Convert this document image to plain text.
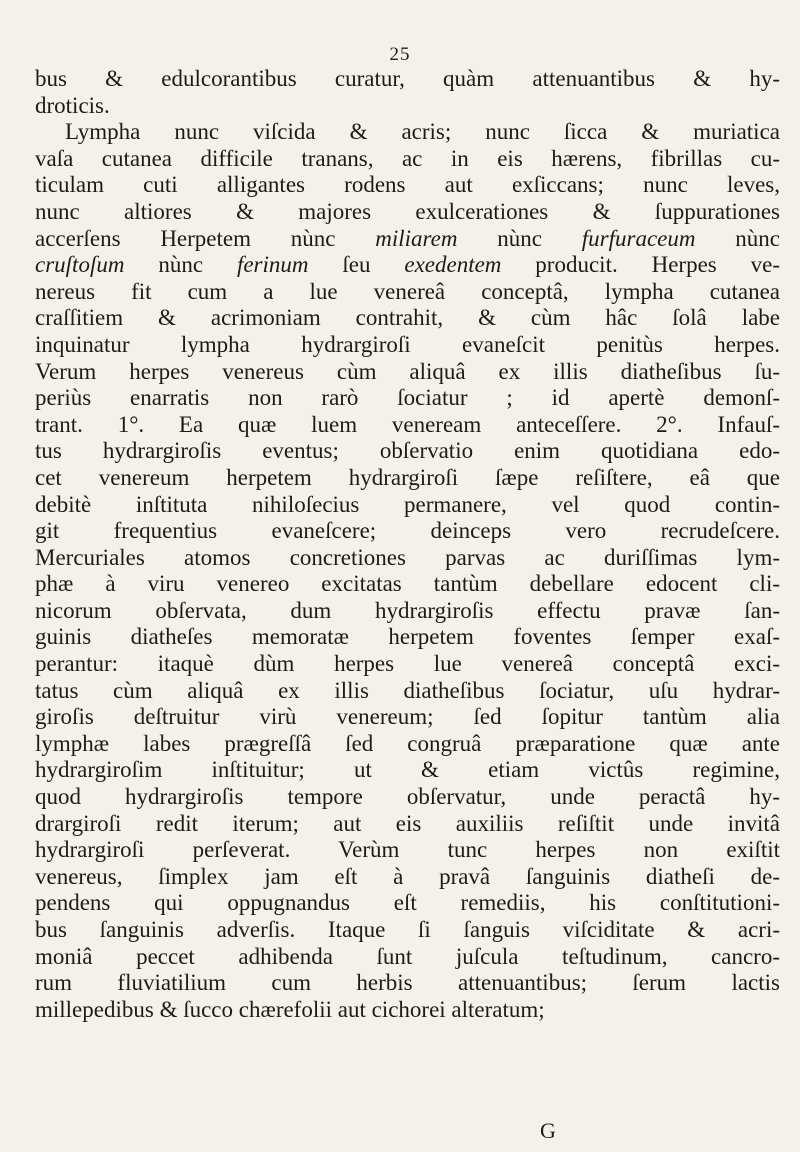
25
bus & edulcorantibus curatur, quàm attenuantibus & hy-
droticis.
Lympha nunc viſcida & acris; nunc ſicca & muriatica
vaſa cutanea difficile tranans, ac in eis hærens, fibrillas cu-
ticulam cuti alligantes rodens aut exſiccans; nunc leves,
nunc altiores & majores exulcerationes & ſuppurationes
accerſens Herpetem nùnc miliarem nùnc furfuraceum nùnc
cruſtoſum nùnc ferinum ſeu exedentem producit. Herpes ve-
nereus fit cum a lue venereâ conceptâ, lympha cutanea
craſſitiem & acrimoniam contrahit, & cùm hâc ſolâ labe
inquinatur lympha hydrargiroſi evaneſcit penitùs herpes.
Verum herpes venereus cùm aliquâ ex illis diatheſibus ſu-
periùs enarratis non rarò ſociatur ; id apertè demonſ-
trant. 1°. Ea quæ luem veneream anteceſſere. 2°. Infauſ-
tus hydrargiroſis eventus; obſervatio enim quotidiana edo-
cet venereum herpetem hydrargiroſi ſæpe reſiſtere, eâ que
debitè inſtituta nihiloſecius permanere, vel quod contin-
git frequentius evaneſcere; deinceps vero recrudeſcere.
Mercuriales atomos concretiones parvas ac duriſſimas lym-
phæ à viru venereo excitatas tantùm debellare edocent cli-
nicorum obſervata, dum hydrargiroſis effectu pravæ ſan-
guinis diatheſes memoratæ herpetem foventes ſemper exaſ-
perantur: itaquè dùm herpes lue venereâ conceptâ exci-
tatus cùm aliquâ ex illis diatheſibus ſociatur, uſu hydrar-
giroſis deſtruitur virù venereum; ſed ſopitur tantùm alia
lymphæ labes prægreſſâ ſed congruâ præparatione quæ ante
hydrargiroſim inſtituitur; ut & etiam victûs regimine,
quod hydrargiroſis tempore obſervatur, unde peractâ hy-
drargiroſi redit iterum; aut eis auxiliis reſiſtit unde invitâ
hydrargiroſi perſeverat. Verùm tunc herpes non exiſtit
venereus, ſimplex jam eſt à pravâ ſanguinis diatheſi de-
pendens qui oppugnandus eſt remediis, his conſtitutioni-
bus ſanguinis adverſis. Itaque ſi ſanguis viſciditate & acri-
moniâ peccet adhibenda ſunt juſcula teſtudinum, cancro-
rum fluviatilium cum herbis attenuantibus; ſerum lactis
millepedibus & ſucco chærefolii aut cichorei alteratum;
G
